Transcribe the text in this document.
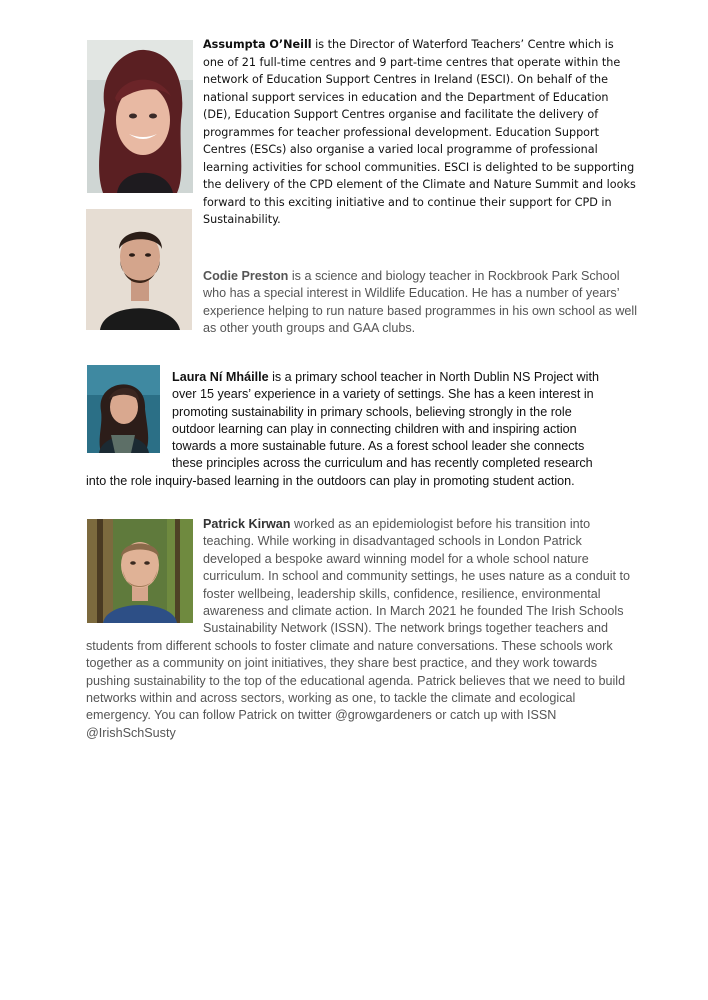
Assumpta O’Neill is the Director of Waterford Teachers’ Centre which is one of 21 full-time centres and 9 part-time centres that operate within the network of Education Support Centres in Ireland (ESCI). On behalf of the national support services in education and the Department of Education (DE), Education Support Centres organise and facilitate the delivery of programmes for teacher professional development. Education Support Centres (ESCs) also organise a varied local programme of professional learning activities for school communities. ESCI is delighted to be supporting the delivery of the CPD element of the Climate and Nature Summit and looks forward to this exciting initiative and to continue their support for CPD in Sustainability.

Codie Preston is a science and biology teacher in Rockbrook Park School who has a special interest in Wildlife Education. He has a number of years’ experience helping to run nature based programmes in his own school as well as other youth groups and GAA clubs.

Laura Ní Mháille is a primary school teacher in North Dublin NS Project with
over 15 years’ experience in a variety of settings. She has a keen interest in
promoting sustainability in primary schools, believing strongly in the role
outdoor learning can play in connecting children with and inspiring action
towards a more sustainable future. As a forest school leader she connects
these principles across the curriculum and has recently completed research
into the role inquiry-based learning in the outdoors can play in promoting student action.

Patrick Kirwan worked as an epidemiologist before his transition into teaching. While working in disadvantaged schools in London Patrick developed a bespoke award winning model for a whole school nature curriculum. In school and community settings, he uses nature as a conduit to foster wellbeing, leadership skills, confidence, resilience, environmental awareness and climate action. In March 2021 he founded The Irish Schools Sustainability Network (ISSN). The network brings together teachers and students from different schools to foster climate and nature conversations. These schools work together as a community on joint initiatives, they share best practice, and they work towards pushing sustainability to the top of the educational agenda. Patrick believes that we need to build networks within and across sectors, working as one, to tackle the climate and ecological emergency. You can follow Patrick on twitter @growgardeners or catch up with ISSN @IrishSchSusty
